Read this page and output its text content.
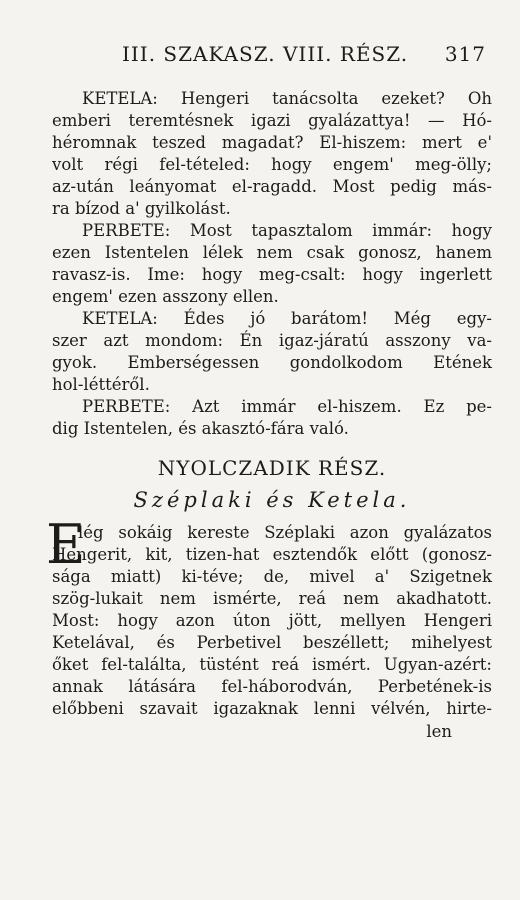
III. SZAKASZ. VIII. RÉSZ. 317
KETELA: Hengeri tanácsolta ezeket? Oh
emberi teremtésnek igazi gyalázattya! — Hó-
héromnak teszed magadat? El-hiszem: mert e'
volt régi fel-tételed: hogy engem' meg-ölly;
az-után leányomat el-ragadd. Most pedig más-
ra bízod a' gyilkolást.
PERBETE: Most tapasztalom immár: hogy
ezen Istentelen lélek nem csak gonosz, hanem
ravasz-is. Ime: hogy meg-csalt: hogy ingerlett
engem' ezen asszony ellen.
KETELA: Édes jó barátom! Még egy-
szer azt mondom: Én igaz-járatú asszony va-
gyok. Emberségessen gondolkodom Etének
hol-léttéről.
PERBETE: Azt immár el-hiszem. Ez pe-
dig Istentelen, és akasztó-fára való.
NYOLCZADIK RÉSZ.
Széplaki és Ketela.
E
lég sokáig kereste Széplaki azon gyalázatos
Hengerit, kit, tizen-hat esztendők előtt (gonosz-
sága miatt) ki-téve; de, mivel a' Szigetnek
szög-lukait nem ismérte, reá nem akadhatott.
Most: hogy azon úton jött, mellyen Hengeri
Ketelával, és Perbetivel beszéllett; mihelyest
őket fel-találta, tüstént reá ismért. Ugyan-azért:
annak látására fel-háborodván, Perbetének-is
előbbeni szavait igazaknak lenni vélvén, hirte-
len
